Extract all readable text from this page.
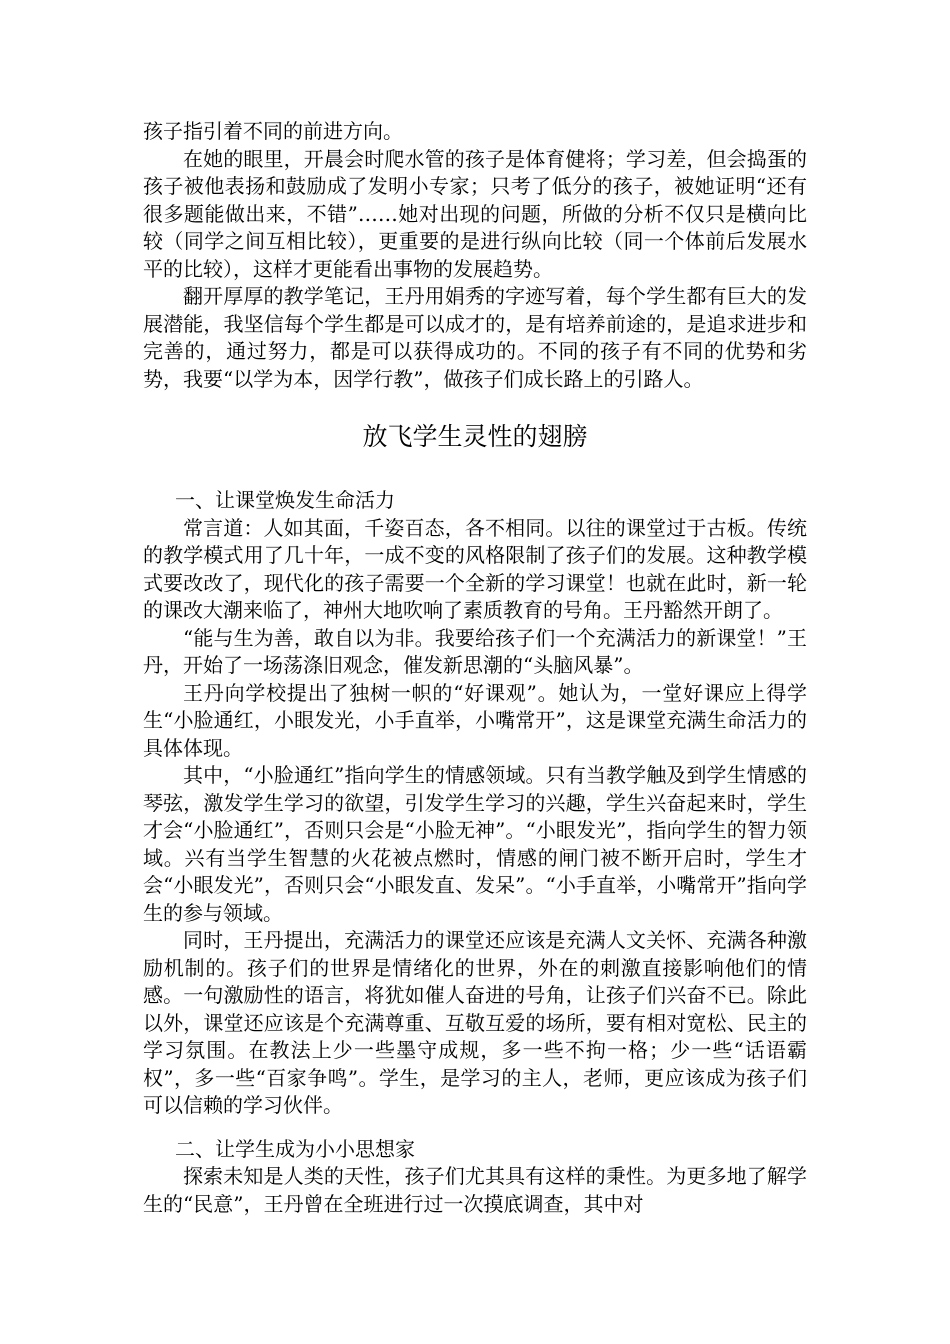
孩子指引着不同的前进方向。

在她的眼里，开晨会时爬水管的孩子是体育健将；学习差，但会捣蛋的孩子被他表扬和鼓励成了发明小专家；只考了低分的孩子，被她证明“还有很多题能做出来，不错”……她对出现的问题，所做的分析不仅只是横向比较（同学之间互相比较），更重要的是进行纵向比较（同一个体前后发展水平的比较），这样才更能看出事物的发展趋势。

翻开厚厚的教学笔记，王丹用娟秀的字迹写着，每个学生都有巨大的发展潜能，我坚信每个学生都是可以成才的，是有培养前途的，是追求进步和完善的，通过努力，都是可以获得成功的。不同的孩子有不同的优势和劣势，我要“以学为本，因学行教”，做孩子们成长路上的引路人。

放飞学生灵性的翅膀
一、让课堂焕发生命活力

常言道：人如其面，千姿百态，各不相同。以往的课堂过于古板。传统的教学模式用了几十年，一成不变的风格限制了孩子们的发展。这种教学模式要改改了，现代化的孩子需要一个全新的学习课堂！也就在此时，新一轮的课改大潮来临了，神州大地吹响了素质教育的号角。王丹豁然开朗了。

“能与生为善，敢自以为非。我要给孩子们一个充满活力的新课堂！”王丹，开始了一场荡涤旧观念，催发新思潮的“头脑风暴”。

王丹向学校提出了独树一帜的“好课观”。她认为，一堂好课应上得学生“小脸通红，小眼发光，小手直举，小嘴常开”，这是课堂充满生命活力的具体体现。

其中，“小脸通红”指向学生的情感领域。只有当教学触及到学生情感的琴弦，激发学生学习的欲望，引发学生学习的兴趣，学生兴奋起来时，学生才会“小脸通红”，否则只会是“小脸无神”。“小眼发光”，指向学生的智力领域。兴有当学生智慧的火花被点燃时，情感的闸门被不断开启时，学生才会“小眼发光”，否则只会“小眼发直、发呆”。“小手直举，小嘴常开”指向学生的参与领域。

同时，王丹提出，充满活力的课堂还应该是充满人文关怀、充满各种激励机制的。孩子们的世界是情绪化的世界，外在的刺激直接影响他们的情感。一句激励性的语言，将犹如催人奋进的号角，让孩子们兴奋不已。除此以外，课堂还应该是个充满尊重、互敬互爱的场所，要有相对宽松、民主的学习氛围。在教法上少一些墨守成规，多一些不拘一格；少一些“话语霸权”，多一些“百家争鸣”。学生，是学习的主人，老师，更应该成为孩子们可以信赖的学习伙伴。

二、让学生成为小小思想家

探索未知是人类的天性，孩子们尤其具有这样的秉性。为更多地了解学生的“民意”，王丹曾在全班进行过一次摸底调查，其中对
